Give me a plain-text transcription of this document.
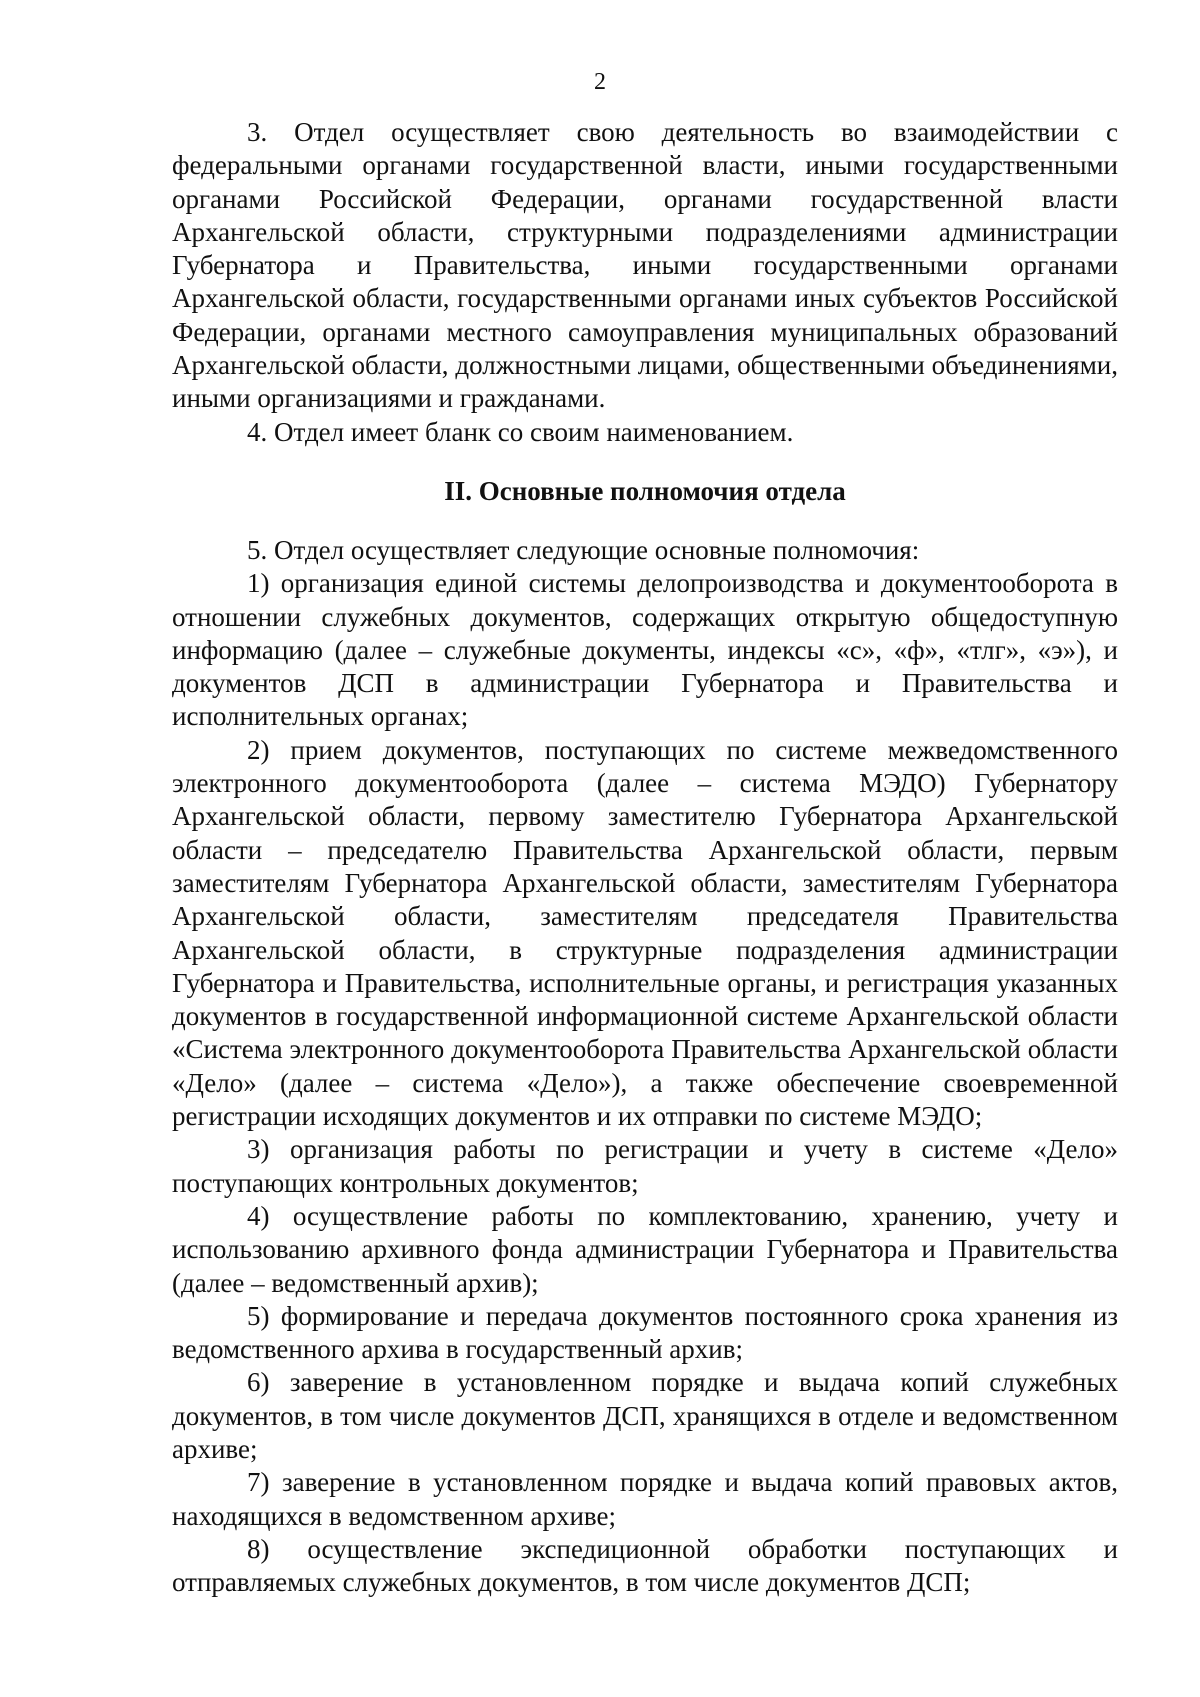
2

3. Отдел осуществляет свою деятельность во взаимодействии с федеральными органами государственной власти, иными государственными органами Российской Федерации, органами государственной власти Архангельской области, структурными подразделениями администрации Губернатора и Правительства, иными государственными органами Архангельской области, государственными органами иных субъектов Российской Федерации, органами местного самоуправления муниципальных образований Архангельской области, должностными лицами, общественными объединениями, иными организациями и гражданами.

4. Отдел имеет бланк со своим наименованием.

II. Основные полномочия отдела

5. Отдел осуществляет следующие основные полномочия:

1) организация единой системы делопроизводства и документооборота в отношении служебных документов, содержащих открытую общедоступную информацию (далее – служебные документы, индексы «с», «ф», «тлг», «э»), и документов ДСП в администрации Губернатора и Правительства и исполнительных органах;

2) прием документов, поступающих по системе межведомственного электронного документооборота (далее – система МЭДО) Губернатору Архангельской области, первому заместителю Губернатора Архангельской области – председателю Правительства Архангельской области, первым заместителям Губернатора Архангельской области, заместителям Губернатора Архангельской области, заместителям председателя Правительства Архангельской области, в структурные подразделения администрации Губернатора и Правительства, исполнительные органы, и регистрация указанных документов в государственной информационной системе Архангельской области «Система электронного документооборота Правительства Архангельской области «Дело» (далее – система «Дело»), а также обеспечение своевременной регистрации исходящих документов и их отправки по системе МЭДО;

3) организация работы по регистрации и учету в системе «Дело» поступающих контрольных документов;

4) осуществление работы по комплектованию, хранению, учету и использованию архивного фонда администрации Губернатора и Правительства (далее – ведомственный архив);

5) формирование и передача документов постоянного срока хранения из ведомственного архива в государственный архив;

6) заверение в установленном порядке и выдача копий служебных документов, в том числе документов ДСП, хранящихся в отделе и ведомственном архиве;

7) заверение в установленном порядке и выдача копий правовых актов, находящихся в ведомственном архиве;

8) осуществление экспедиционной обработки поступающих и отправляемых служебных документов, в том числе документов ДСП;
